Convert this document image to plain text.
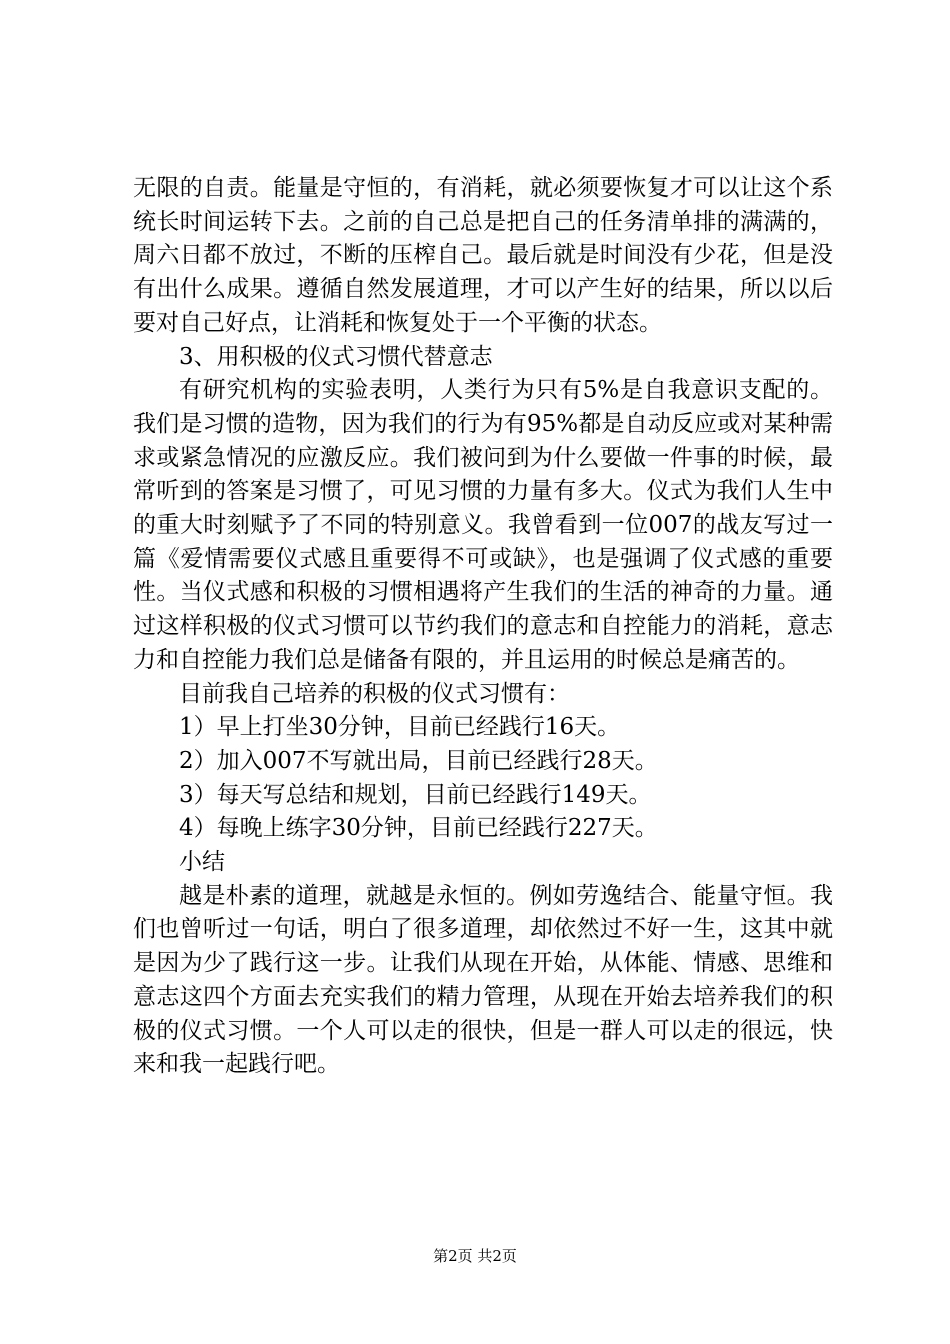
无限的自责。能量是守恒的，有消耗，就必须要恢复才可以让这个系统长时间运转下去。之前的自己总是把自己的任务清单排的满满的，周六日都不放过，不断的压榨自己。最后就是时间没有少花，但是没有出什么成果。遵循自然发展道理，才可以产生好的结果，所以以后要对自己好点，让消耗和恢复处于一个平衡的状态。

3、用积极的仪式习惯代替意志

有研究机构的实验表明，人类行为只有5%是自我意识支配的。我们是习惯的造物，因为我们的行为有95%都是自动反应或对某种需求或紧急情况的应激反应。我们被问到为什么要做一件事的时候，最常听到的答案是习惯了，可见习惯的力量有多大。仪式为我们人生中的重大时刻赋予了不同的特别意义。我曾看到一位007的战友写过一篇《爱情需要仪式感且重要得不可或缺》，也是强调了仪式感的重要性。当仪式感和积极的习惯相遇将产生我们的生活的神奇的力量。通过这样积极的仪式习惯可以节约我们的意志和自控能力的消耗，意志力和自控能力我们总是储备有限的，并且运用的时候总是痛苦的。

目前我自己培养的积极的仪式习惯有：

1）早上打坐30分钟，目前已经践行16天。

2）加入007不写就出局，目前已经践行28天。

3）每天写总结和规划，目前已经践行149天。

4）每晚上练字30分钟，目前已经践行227天。

小结

越是朴素的道理，就越是永恒的。例如劳逸结合、能量守恒。我们也曾听过一句话，明白了很多道理，却依然过不好一生，这其中就是因为少了践行这一步。让我们从现在开始，从体能、情感、思维和意志这四个方面去充实我们的精力管理，从现在开始去培养我们的积极的仪式习惯。一个人可以走的很快，但是一群人可以走的很远，快来和我一起践行吧。

第2页 共2页
